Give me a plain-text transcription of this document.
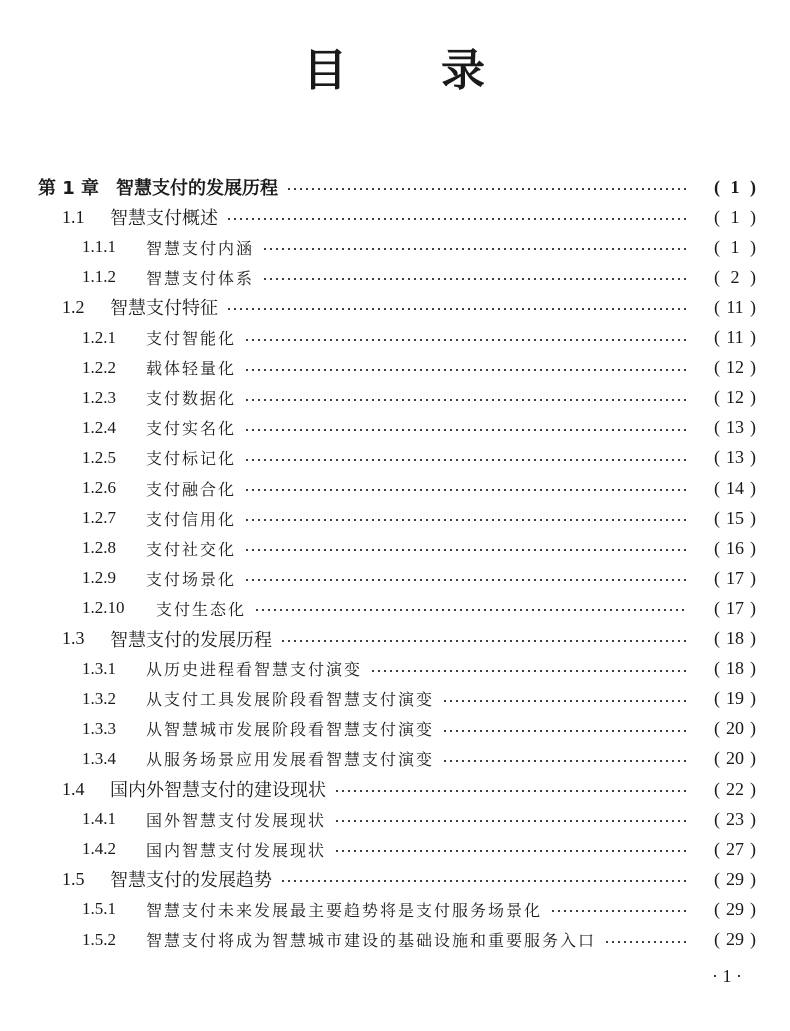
目 录
第 1 章 智慧支付的发展历程	( 1 )
1.1	智慧支付概述	( 1 )
1.1.1	智慧支付内涵	( 1 )
1.1.2	智慧支付体系	( 2 )
1.2	智慧支付特征	( 11 )
1.2.1	支付智能化	( 11 )
1.2.2	载体轻量化	( 12 )
1.2.3	支付数据化	( 12 )
1.2.4	支付实名化	( 13 )
1.2.5	支付标记化	( 13 )
1.2.6	支付融合化	( 14 )
1.2.7	支付信用化	( 15 )
1.2.8	支付社交化	( 16 )
1.2.9	支付场景化	( 17 )
1.2.10	支付生态化	( 17 )
1.3	智慧支付的发展历程	( 18 )
1.3.1	从历史进程看智慧支付演变	( 18 )
1.3.2	从支付工具发展阶段看智慧支付演变	( 19 )
1.3.3	从智慧城市发展阶段看智慧支付演变	( 20 )
1.3.4	从服务场景应用发展看智慧支付演变	( 20 )
1.4	国内外智慧支付的建设现状	( 22 )
1.4.1	国外智慧支付发展现状	( 23 )
1.4.2	国内智慧支付发展现状	( 27 )
1.5	智慧支付的发展趋势	( 29 )
1.5.1	智慧支付未来发展最主要趋势将是支付服务场景化	( 29 )
1.5.2	智慧支付将成为智慧城市建设的基础设施和重要服务入口	( 29 )
· 1 ·
